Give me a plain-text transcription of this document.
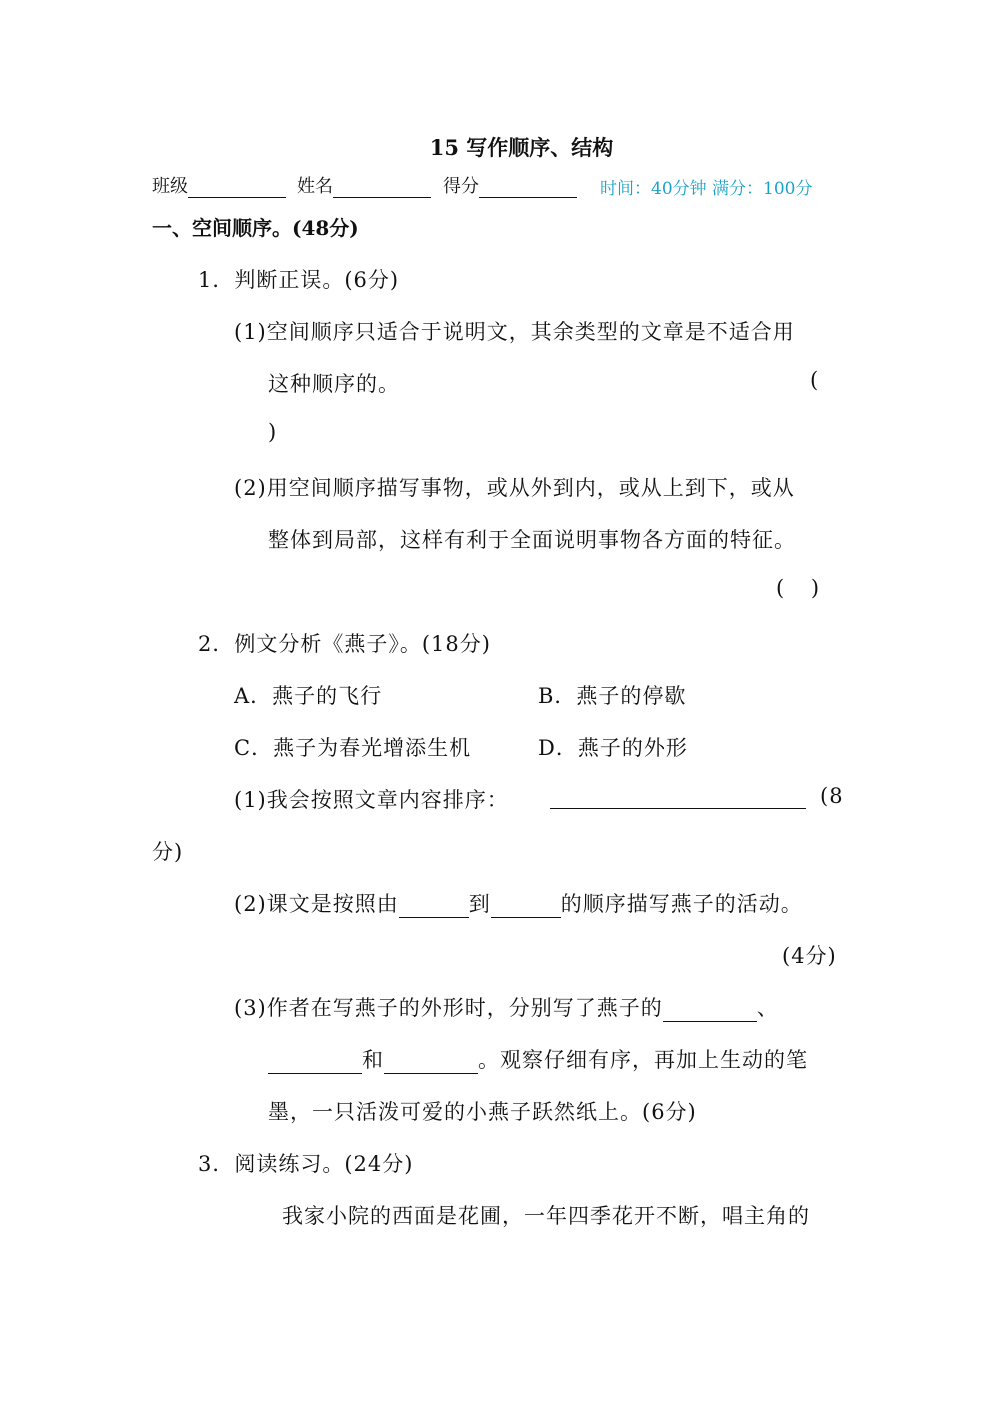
15 写作顺序、结构
班级	姓名	得分	时间：40分钟 满分：100分
一、空间顺序。(48分)
1．判断正误。(6分)
(1)空间顺序只适合于说明文，其余类型的文章是不适合用
这种顺序的。	(
)
(2)用空间顺序描写事物，或从外到内，或从上到下，或从
整体到局部，这样有利于全面说明事物各方面的特征。
(    )
2．例文分析《燕子》。(18分)
A．燕子的飞行	B．燕子的停歇
C．燕子为春光增添生机	D．燕子的外形
(1)我会按照文章内容排序：	(8
分)
(2)课文是按照由	到	的顺序描写燕子的活动。
(4分)
(3)作者在写燕子的外形时，分别写了燕子的	、
和	。观察仔细有序，再加上生动的笔
墨，一只活泼可爱的小燕子跃然纸上。(6分)
3．阅读练习。(24分)
我家小院的西面是花圃，一年四季花开不断，唱主角的
